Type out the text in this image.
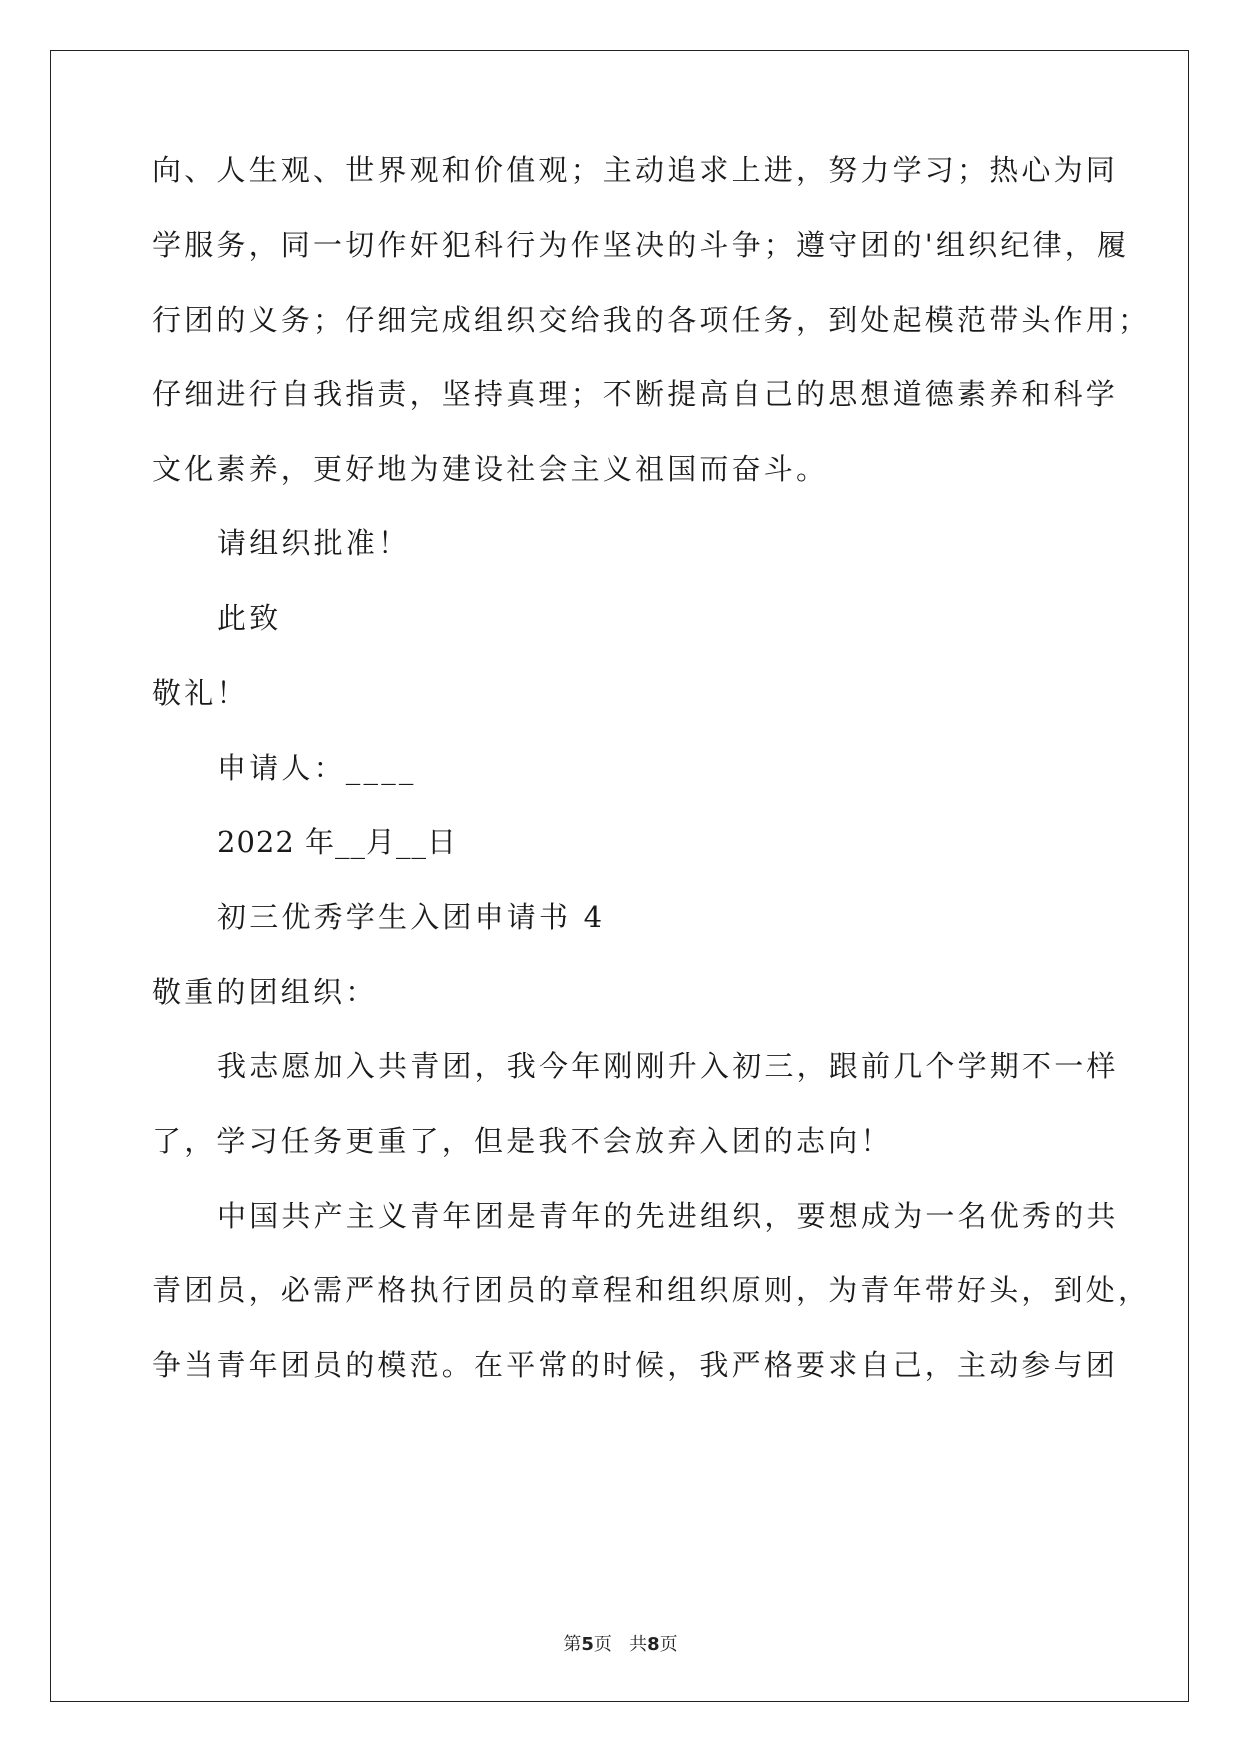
向、人生观、世界观和价值观；主动追求上进，努力学习；热心为同
学服务，同一切作奸犯科行为作坚决的斗争；遵守团的'组织纪律，履
行团的义务；仔细完成组织交给我的各项任务，到处起模范带头作用；
仔细进行自我指责，坚持真理；不断提高自己的思想道德素养和科学
文化素养，更好地为建设社会主义祖国而奋斗。
请组织批准！
此致
敬礼！
申请人：____
2022 年__月__日
初三优秀学生入团申请书 4
敬重的团组织：
我志愿加入共青团，我今年刚刚升入初三，跟前几个学期不一样
了，学习任务更重了，但是我不会放弃入团的志向！
中国共产主义青年团是青年的先进组织，要想成为一名优秀的共
青团员，必需严格执行团员的章程和组织原则，为青年带好头，到处，
争当青年团员的模范。在平常的时候，我严格要求自己，主动参与团
第5页   共8页
